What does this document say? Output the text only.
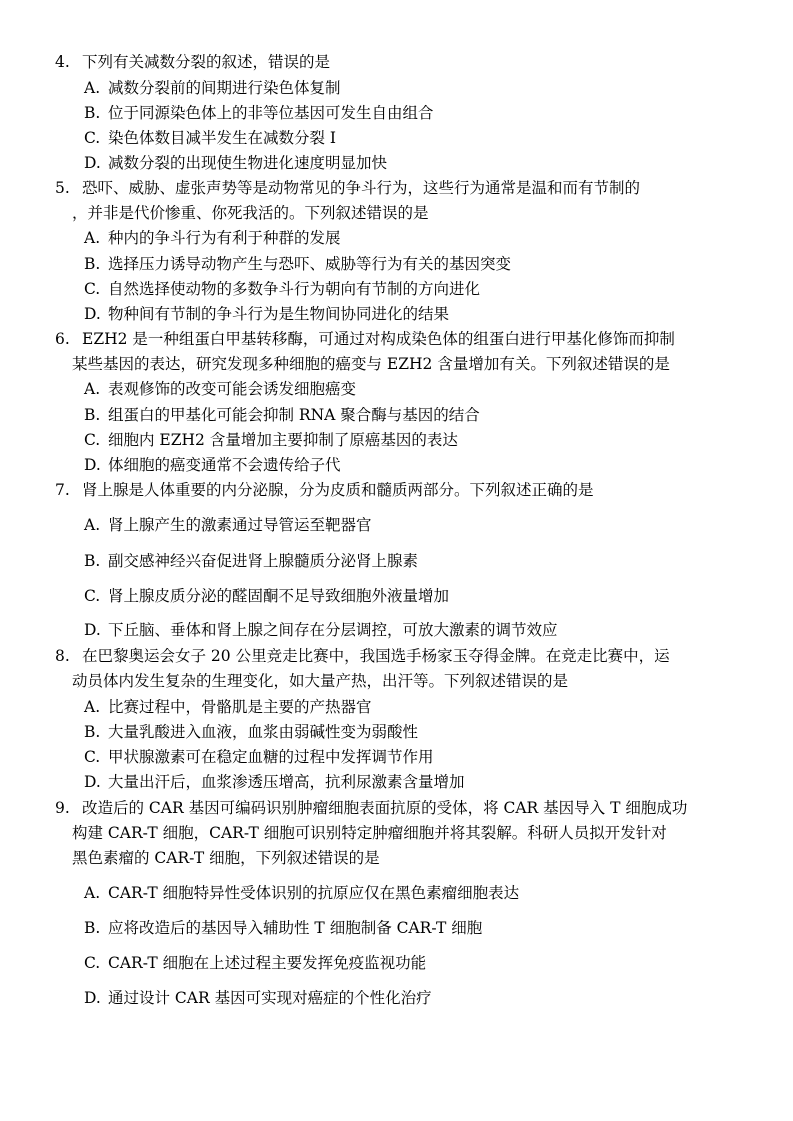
4. 下列有关减数分裂的叙述，错误的是
A. 减数分裂前的间期进行染色体复制
B. 位于同源染色体上的非等位基因可发生自由组合
C. 染色体数目减半发生在减数分裂 I
D. 减数分裂的出现使生物进化速度明显加快
5. 恐吓、威胁、虚张声势等是动物常见的争斗行为，这些行为通常是温和而有节制的
，并非是代价惨重、你死我活的。下列叙述错误的是
A. 种内的争斗行为有利于种群的发展
B. 选择压力诱导动物产生与恐吓、威胁等行为有关的基因突变
C. 自然选择使动物的多数争斗行为朝向有节制的方向进化
D. 物种间有节制的争斗行为是生物间协同进化的结果
6. EZH2 是一种组蛋白甲基转移酶，可通过对构成染色体的组蛋白进行甲基化修饰而抑制
某些基因的表达，研究发现多种细胞的癌变与 EZH2 含量增加有关。下列叙述错误的是
A. 表观修饰的改变可能会诱发细胞癌变
B. 组蛋白的甲基化可能会抑制 RNA 聚合酶与基因的结合
C. 细胞内 EZH2 含量增加主要抑制了原癌基因的表达
D. 体细胞的癌变通常不会遗传给子代
7. 肾上腺是人体重要的内分泌腺，分为皮质和髓质两部分。下列叙述正确的是
A. 肾上腺产生的激素通过导管运至靶器官
B. 副交感神经兴奋促进肾上腺髓质分泌肾上腺素
C. 肾上腺皮质分泌的醛固酮不足导致细胞外液量增加
D. 下丘脑、垂体和肾上腺之间存在分层调控，可放大激素的调节效应
8. 在巴黎奥运会女子 20 公里竞走比赛中，我国选手杨家玉夺得金牌。在竞走比赛中，运
动员体内发生复杂的生理变化，如大量产热，出汗等。下列叙述错误的是
A. 比赛过程中，骨骼肌是主要的产热器官
B. 大量乳酸进入血液，血浆由弱碱性变为弱酸性
C. 甲状腺激素可在稳定血糖的过程中发挥调节作用
D. 大量出汗后，血浆渗透压增高，抗利尿激素含量增加
9. 改造后的 CAR 基因可编码识别肿瘤细胞表面抗原的受体，将 CAR 基因导入 T 细胞成功
构建 CAR-T 细胞，CAR-T 细胞可识别特定肿瘤细胞并将其裂解。科研人员拟开发针对
黑色素瘤的 CAR-T 细胞，下列叙述错误的是
A. CAR-T 细胞特异性受体识别的抗原应仅在黑色素瘤细胞表达
B. 应将改造后的基因导入辅助性 T 细胞制备 CAR-T 细胞
C. CAR-T 细胞在上述过程主要发挥免疫监视功能
D. 通过设计 CAR 基因可实现对癌症的个性化治疗
